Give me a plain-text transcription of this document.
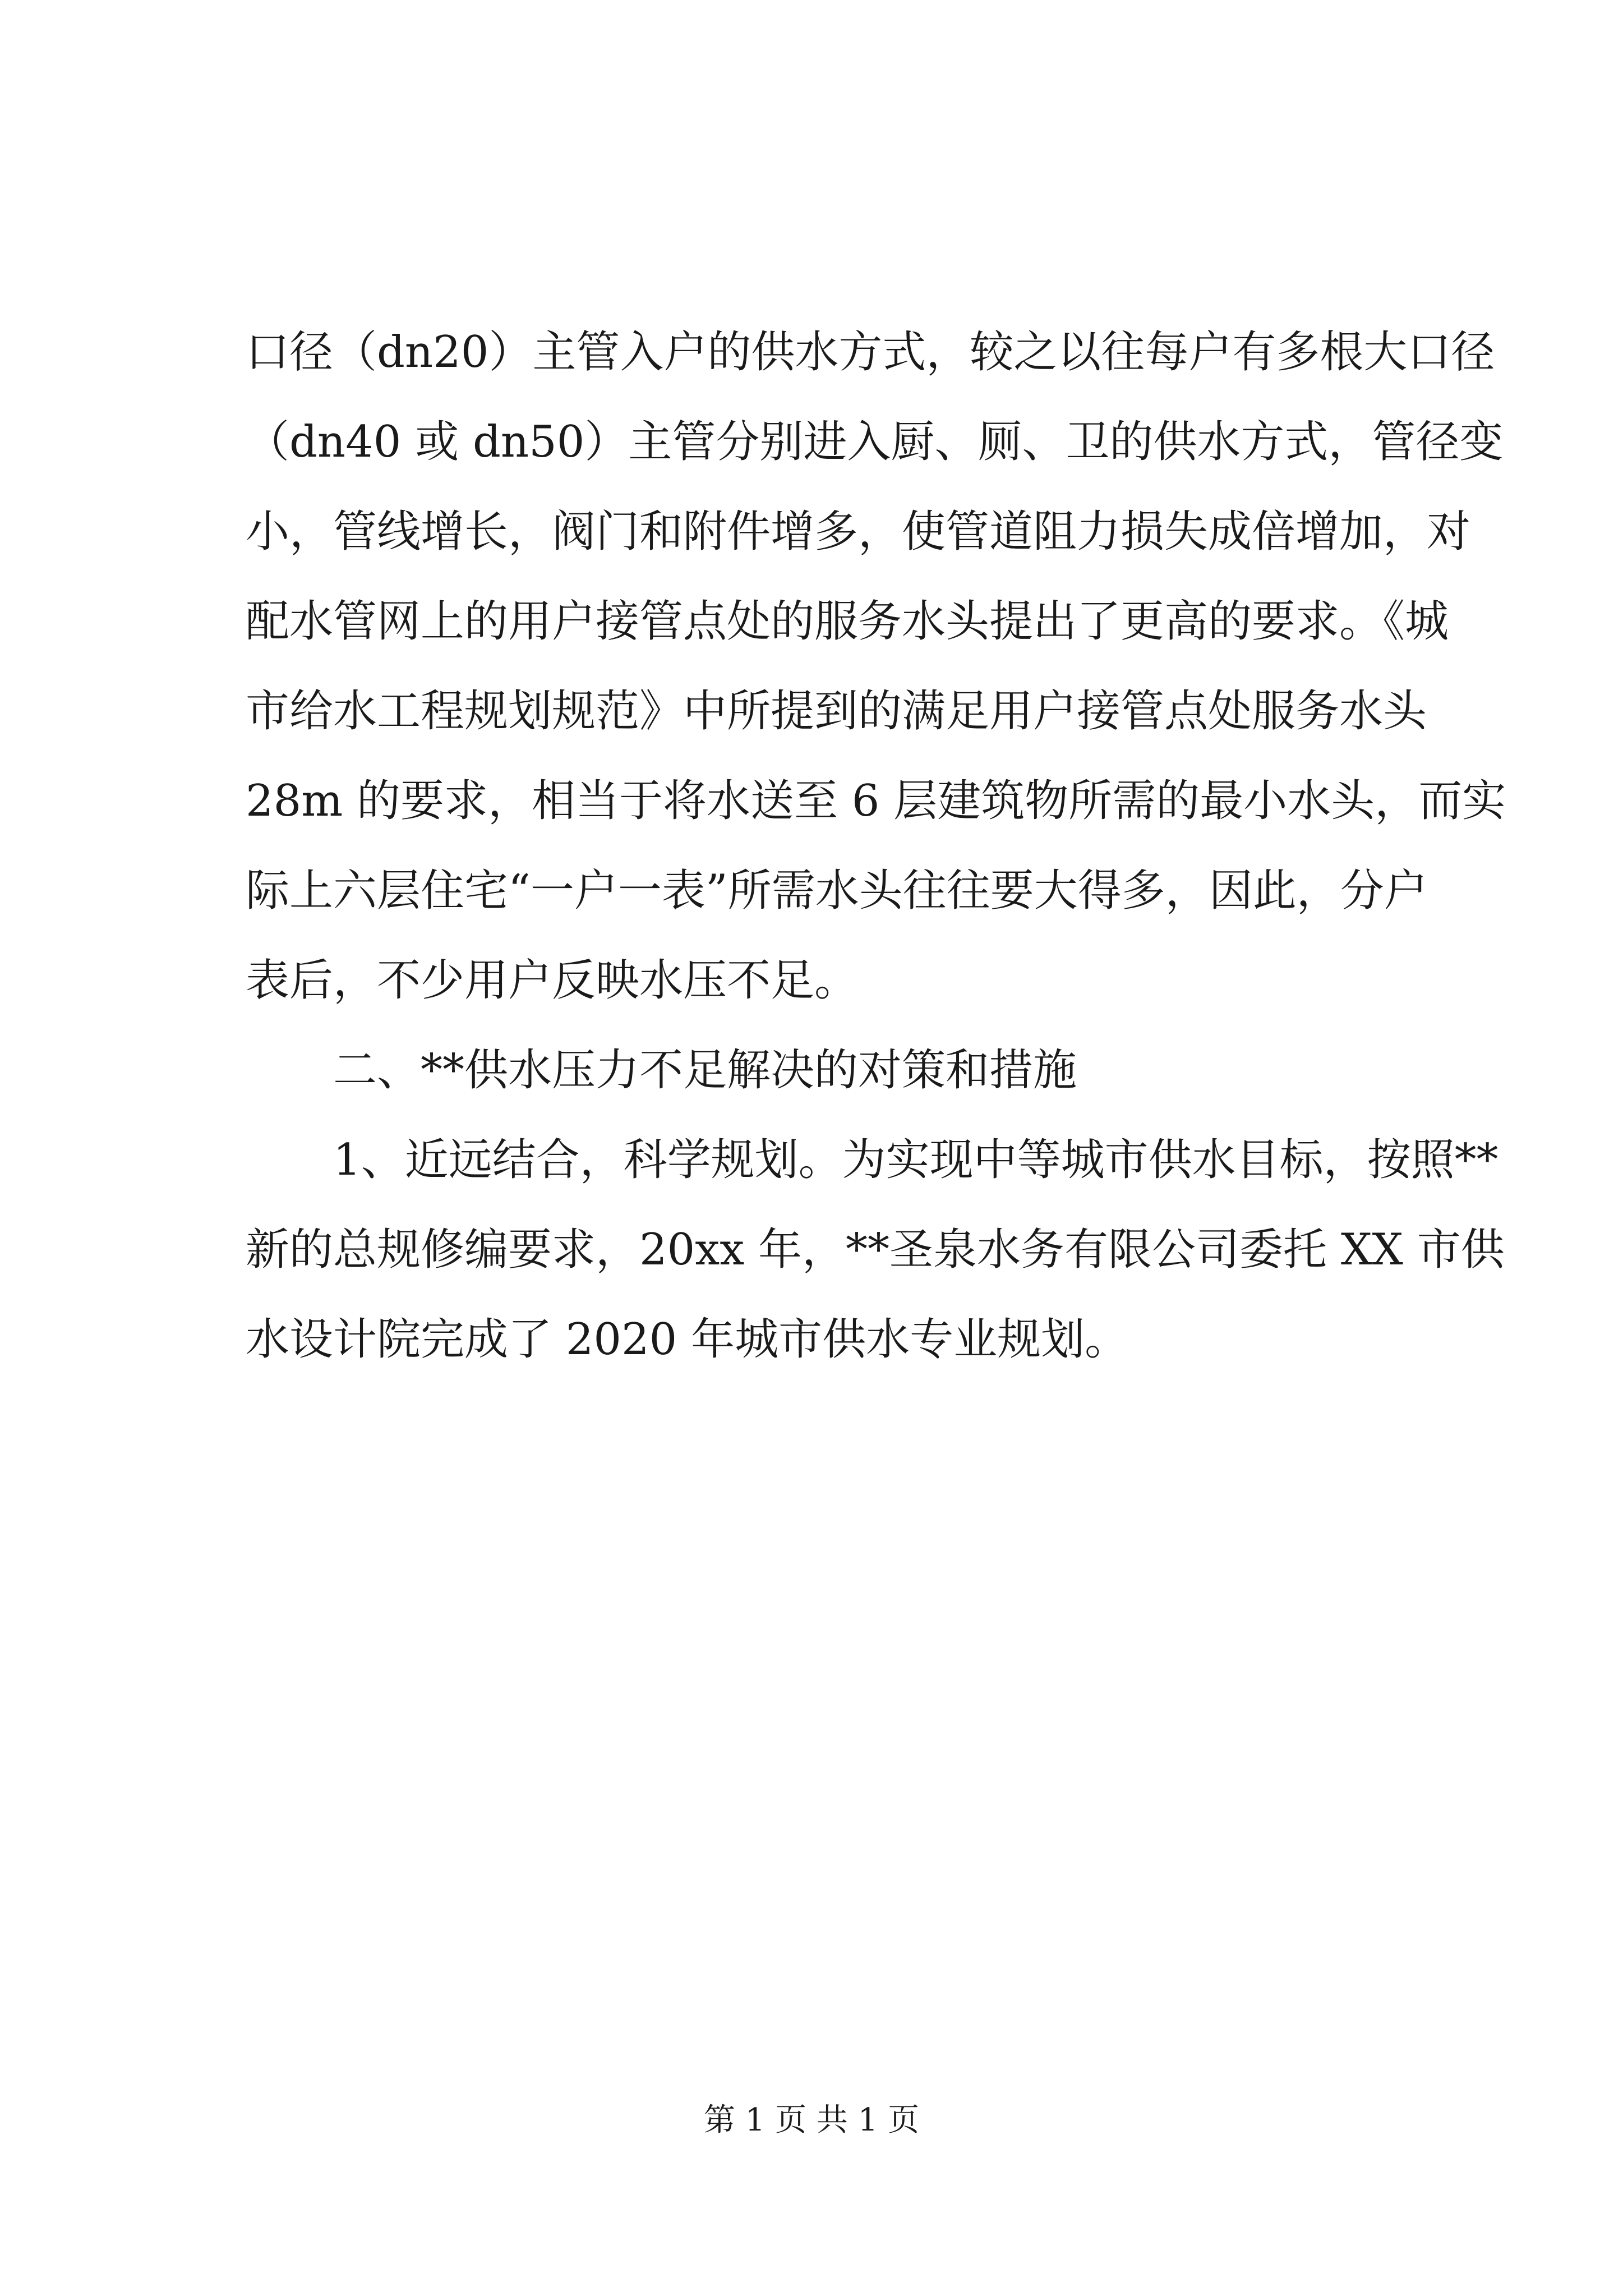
口径（dn20）主管入户的供水方式，较之以往每户有多根大口径
（dn40 或 dn50）主管分别进入厨、厕、卫的供水方式，管径变
小，管线增长，阀门和附件增多，使管道阻力损失成倍增加，对
配水管网上的用户接管点处的服务水头提出了更高的要求。《城
市给水工程规划规范》中所提到的满足用户接管点处服务水头
28m 的要求，相当于将水送至 6 层建筑物所需的最小水头，而实
际上六层住宅“一户一表”所需水头往往要大得多，因此，分户
表后，不少用户反映水压不足。
二、**供水压力不足解决的对策和措施
1、近远结合，科学规划。为实现中等城市供水目标，按照**
新的总规修编要求，20xx 年，**圣泉水务有限公司委托 XX 市供
水设计院完成了 2020 年城市供水专业规划。
第 1 页 共 1 页
